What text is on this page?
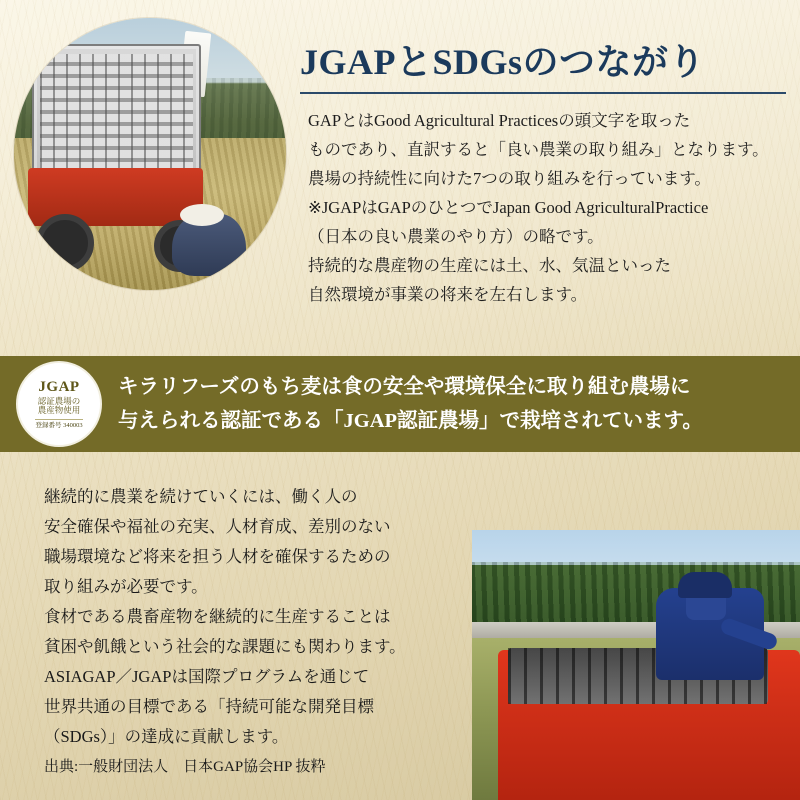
JGAPとSDGsのつながり

GAPとはGood Agricultural Practicesの頭文字を取った

ものであり、直訳すると「良い農業の取り組み」となります。

農場の持続性に向けた7つの取り組みを行っています。

※JGAPはGAPのひとつでJapan Good AgriculturalPractice

（日本の良い農業のやり方）の略です。

持続的な農産物の生産には土、水、気温といった

自然環境が事業の将来を左右します。

JGAP
認証農場の
農産物使用
登録番号 340003
キラリフーズのもち麦は食の安全や環境保全に取り組む農場に
与えられる認証である「JGAP認証農場」で栽培されています。

継続的に農業を続けていくには、働く人の

安全確保や福祉の充実、人材育成、差別のない

職場環境など将来を担う人材を確保するための

取り組みが必要です。

食材である農畜産物を継続的に生産することは

貧困や飢餓という社会的な課題にも関わります。

ASIAGAP／JGAPは国際プログラムを通じて

世界共通の目標である「持続可能な開発目標

（SDGs）」の達成に貢献します。

出典:一般財団法人　日本GAP協会HP 抜粋
